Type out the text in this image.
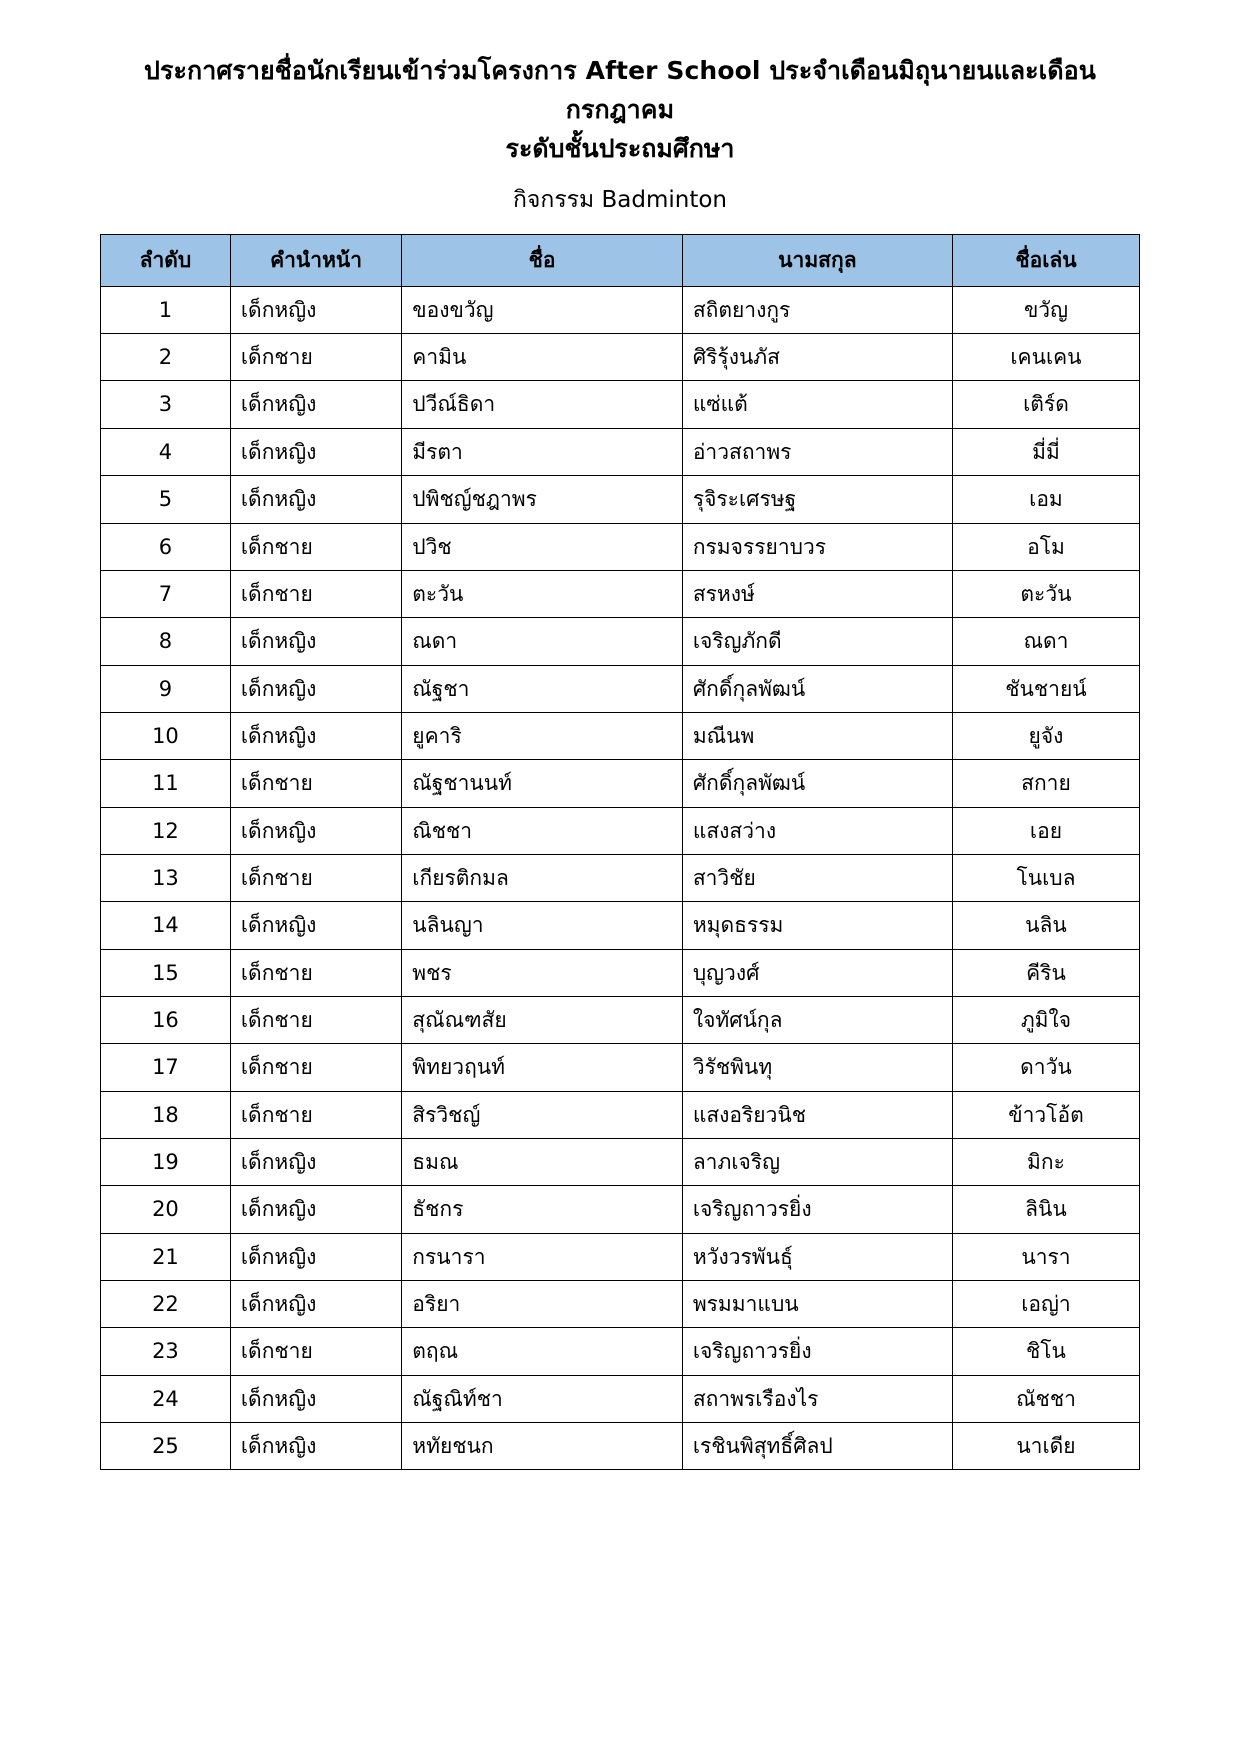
ประกาศรายชื่อนักเรียนเข้าร่วมโครงการ After School ประจำเดือนมิถุนายนและเดือนกรกฎาคม
ระดับชั้นประถมศึกษา

กิจกรรม Badminton

ลำดับ	คำนำหน้า	ชื่อ	นามสกุล	ชื่อเล่น
1	เด็กหญิง	ของขวัญ	สถิตยางกูร	ขวัญ
2	เด็กชาย	คามิน	ศิริรุ้งนภัส	เคนเคน
3	เด็กหญิง	ปวีณ์ธิดา	แซ่แต้	เติร์ด
4	เด็กหญิง	มีรตา	อ่าวสถาพร	มี่มี่
5	เด็กหญิง	ปพิชญ์ชฎาพร	รุจิระเศรษฐ	เอม
6	เด็กชาย	ปวิช	กรมจรรยาบวร	อโม
7	เด็กชาย	ตะวัน	สรหงษ์	ตะวัน
8	เด็กหญิง	ณดา	เจริญภักดี	ณดา
9	เด็กหญิง	ณัฐชา	ศักดิ์กุลพัฒน์	ชันชายน์
10	เด็กหญิง	ยูคาริ	มณีนพ	ยูจัง
11	เด็กชาย	ณัฐชานนท์	ศักดิ์กุลพัฒน์	สกาย
12	เด็กหญิง	ณิชชา	แสงสว่าง	เอย
13	เด็กชาย	เกียรติกมล	สาวิชัย	โนเบล
14	เด็กหญิง	นลินญา	หมุดธรรม	นลิน
15	เด็กชาย	พชร	บุญวงศ์	คีริน
16	เด็กชาย	สุณัณฑสัย	ใจทัศน์กุล	ภูมิใจ
17	เด็กชาย	พิทยวฤนท์	วิรัชพินทุ	ดาวัน
18	เด็กชาย	สิรวิชญ์	แสงอริยวนิช	ข้าวโอ้ต
19	เด็กหญิง	ธมณ	ลาภเจริญ	มิกะ
20	เด็กหญิง	ธัชกร	เจริญถาวรยิ่ง	ลินิน
21	เด็กหญิง	กรนารา	หวังวรพันธุ์	นารา
22	เด็กหญิง	อริยา	พรมมาแบน	เอญ่า
23	เด็กชาย	ตฤณ	เจริญถาวรยิ่ง	ชิโน
24	เด็กหญิง	ณัฐณิท์ชา	สถาพรเรืองไร	ณัชชา
25	เด็กหญิง	หทัยชนก	เรชินพิสุทธิ์ศิลป	นาเดีย
